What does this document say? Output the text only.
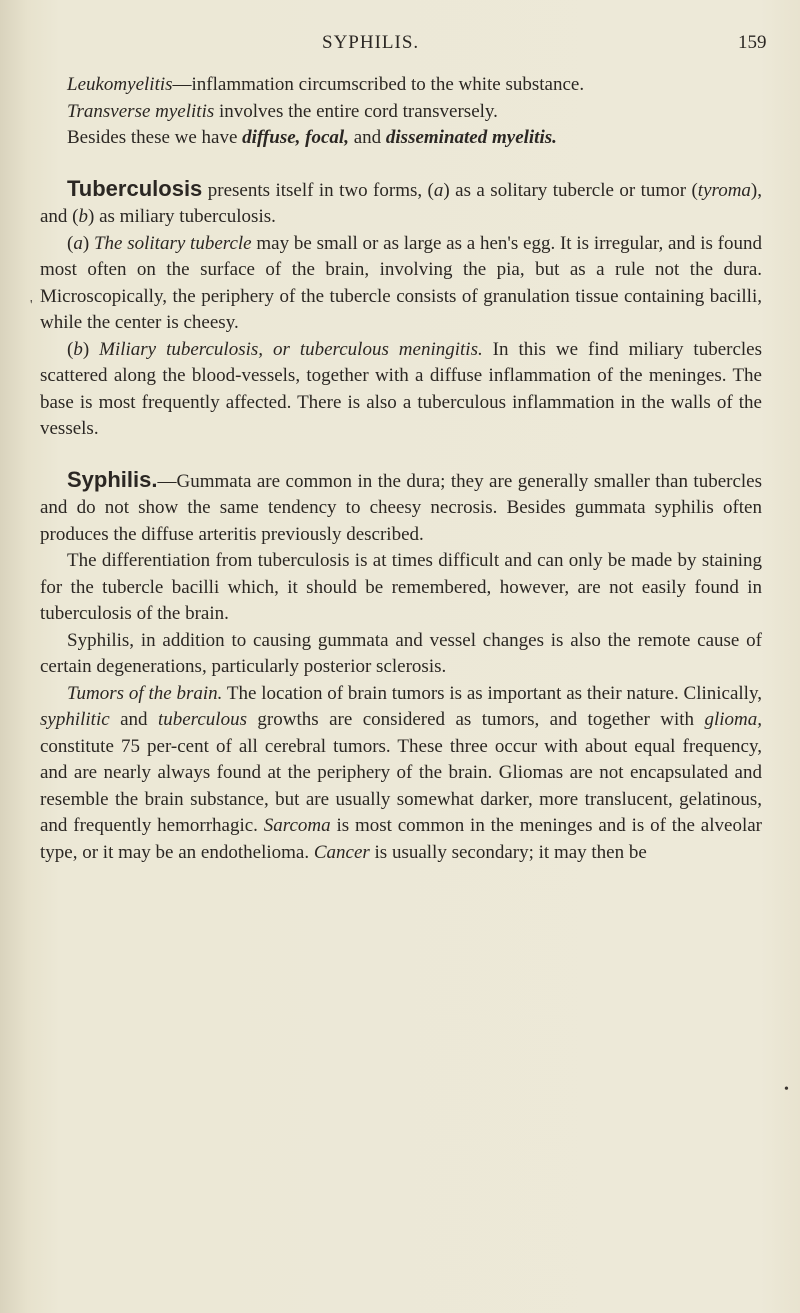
SYPHILIS.	159

Leukomyelitis—inflammation circumscribed to the white substance.

Transverse myelitis involves the entire cord transversely.

Besides these we have diffuse, focal, and disseminated myelitis.

Tuberculosis presents itself in two forms, (a) as a solitary tubercle or tumor (tyroma), and (b) as miliary tuberculosis.

(a) The solitary tubercle may be small or as large as a hen's egg. It is irregular, and is found most often on the surface of the brain, involving the pia, but as a rule not the dura. Microscopically, the periphery of the tubercle consists of granulation tissue containing bacilli, while the center is cheesy.

(b) Miliary tuberculosis, or tuberculous meningitis. In this we find miliary tubercles scattered along the blood-vessels, together with a diffuse inflammation of the meninges. The base is most frequently affected. There is also a tuberculous inflammation in the walls of the vessels.

Syphilis.—Gummata are common in the dura; they are generally smaller than tubercles and do not show the same tendency to cheesy necrosis. Besides gummata syphilis often produces the diffuse arteritis previously described.

The differentiation from tuberculosis is at times difficult and can only be made by staining for the tubercle bacilli which, it should be remembered, however, are not easily found in tuberculosis of the brain.

Syphilis, in addition to causing gummata and vessel changes is also the remote cause of certain degenerations, particularly posterior sclerosis.

Tumors of the brain. The location of brain tumors is as important as their nature. Clinically, syphilitic and tuberculous growths are considered as tumors, and together with glioma, constitute 75 per-cent of all cerebral tumors. These three occur with about equal frequency, and are nearly always found at the periphery of the brain. Gliomas are not encapsulated and resemble the brain substance, but are usually somewhat darker, more translucent, gelatinous, and frequently hemorrhagic. Sarcoma is most common in the meninges and is of the alveolar type, or it may be an endothelioma. Cancer is usually secondary; it may then be

'
•
